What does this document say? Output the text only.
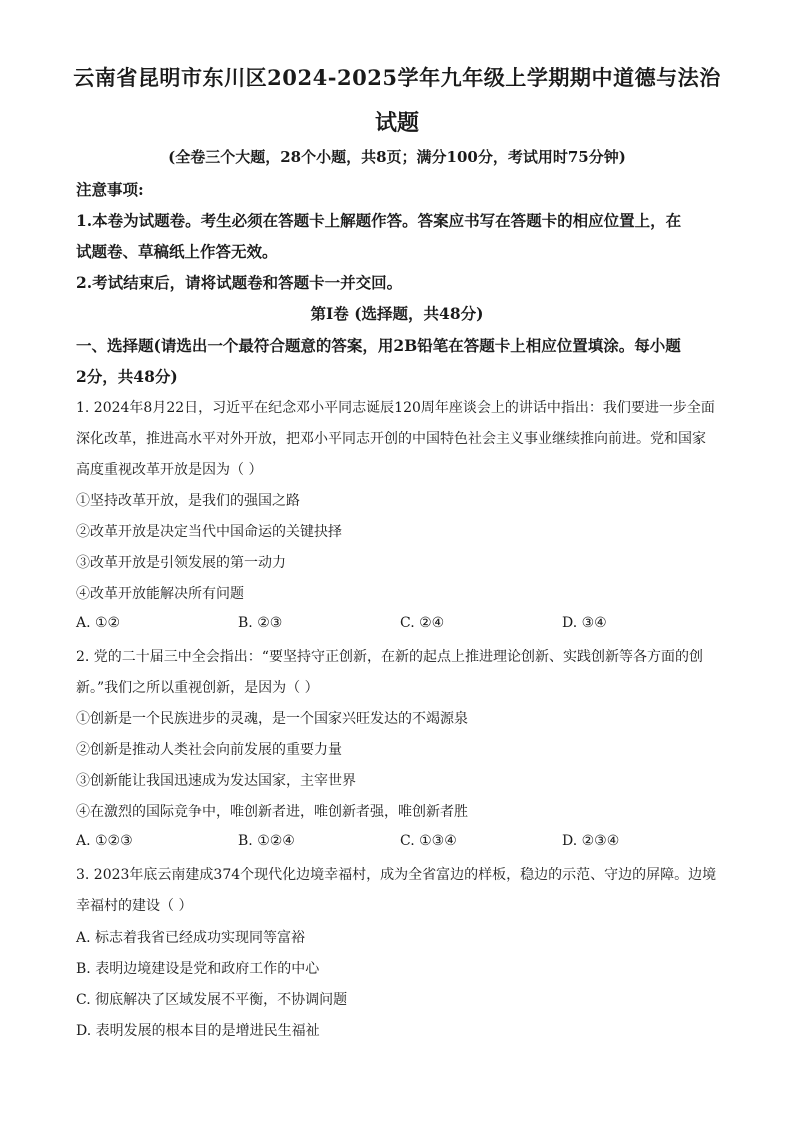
云南省昆明市东川区2024-2025学年九年级上学期期中道德与法治
试题
(全卷三个大题，28个小题，共8页；满分100分，考试用时75分钟)
注意事项:
1.本卷为试题卷。考生必须在答题卡上解题作答。答案应书写在答题卡的相应位置上，在
试题卷、草稿纸上作答无效。
2.考试结束后，请将试题卷和答题卡一并交回。
第Ⅰ卷 (选择题，共48分)
一、选择题(请选出一个最符合题意的答案，用2B铅笔在答题卡上相应位置填涂。每小题
2分，共48分)
1. 2024年8月22日，习近平在纪念邓小平同志诞辰120周年座谈会上的讲话中指出：我们要进一步全面
深化改革，推进高水平对外开放，把邓小平同志开创的中国特色社会主义事业继续推向前进。党和国家
高度重视改革开放是因为（ ）
①坚持改革开放，是我们的强国之路
②改革开放是决定当代中国命运的关键抉择
③改革开放是引领发展的第一动力
④改革开放能解决所有问题
A. ①②	B. ②③	C. ②④	D. ③④
2. 党的二十届三中全会指出：“要坚持守正创新，在新的起点上推进理论创新、实践创新等各方面的创
新。”我们之所以重视创新，是因为（ ）
①创新是一个民族进步的灵魂，是一个国家兴旺发达的不竭源泉
②创新是推动人类社会向前发展的重要力量
③创新能让我国迅速成为发达国家，主宰世界
④在激烈的国际竞争中，唯创新者进，唯创新者强，唯创新者胜
A. ①②③	B. ①②④	C. ①③④	D. ②③④
3. 2023年底云南建成374个现代化边境幸福村，成为全省富边的样板，稳边的示范、守边的屏障。边境
幸福村的建设（ ）
A. 标志着我省已经成功实现同等富裕
B. 表明边境建设是党和政府工作的中心
C. 彻底解决了区域发展不平衡，不协调问题
D. 表明发展的根本目的是增进民生福祉
